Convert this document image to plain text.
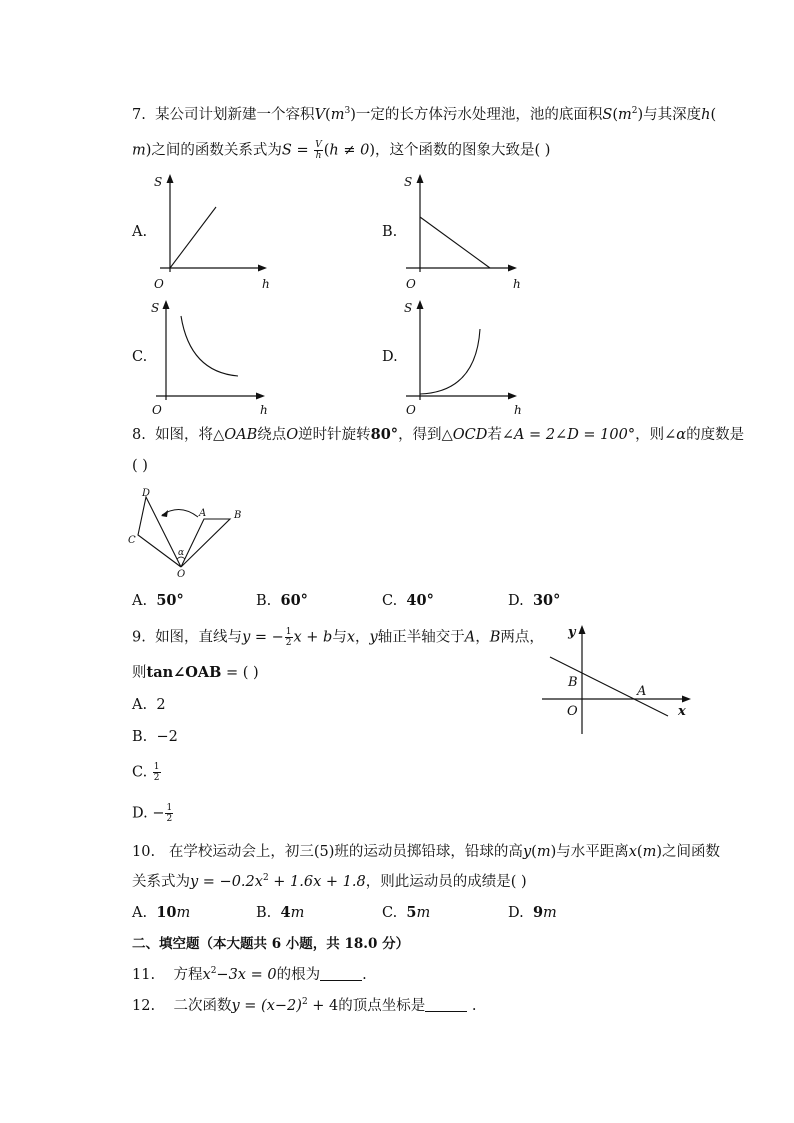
7. 某公司计划新建一个容积$V(m^3)$一定的长方体污水处理池，池的底面积$S(m^2)$与其深度h(
m)之间的函数关系式为$S = \frac{V}{h} (h \ne 0)$，这个函数的图象大致是( )
A.
S
O	h
B.
S
O	h
C.
S
O	h
D.
S
O	h
8. 如图，将△OAB绕点O逆时针旋转80°，得到△OCD若∠A = 2∠D = 100°，则∠α的度数是
( )
D
C
A	B
α
O
A. 50°	B. 60°	C. 40°	D. 30°
9. 如图，直线与y = − $\frac{1}{2}$ x + b与x，y轴正半轴交于A，B两点，
则tan∠OAB = ( )
y
x
B
A
O
A. 2
B. −2
C. $\frac{1}{2}$
D. − $\frac{1}{2}$
10. 在学校运动会上，初三(5)班的运动员掷铅球，铅球的高y(m)与水平距离x(m)之间函数
关系式为$y = -0.2x^2 + 1.6x + 1.8$，则此运动员的成绩是( )
A. 10m	B. 4m	C. 5m	D. 9m
二、填空题（本大题共 6 小题，共 18.0 分）
11. 方程$x^2-3x = 0$的根为	.
12. 二次函数$y = (x-2)^2 + 4$的顶点坐标是	.
